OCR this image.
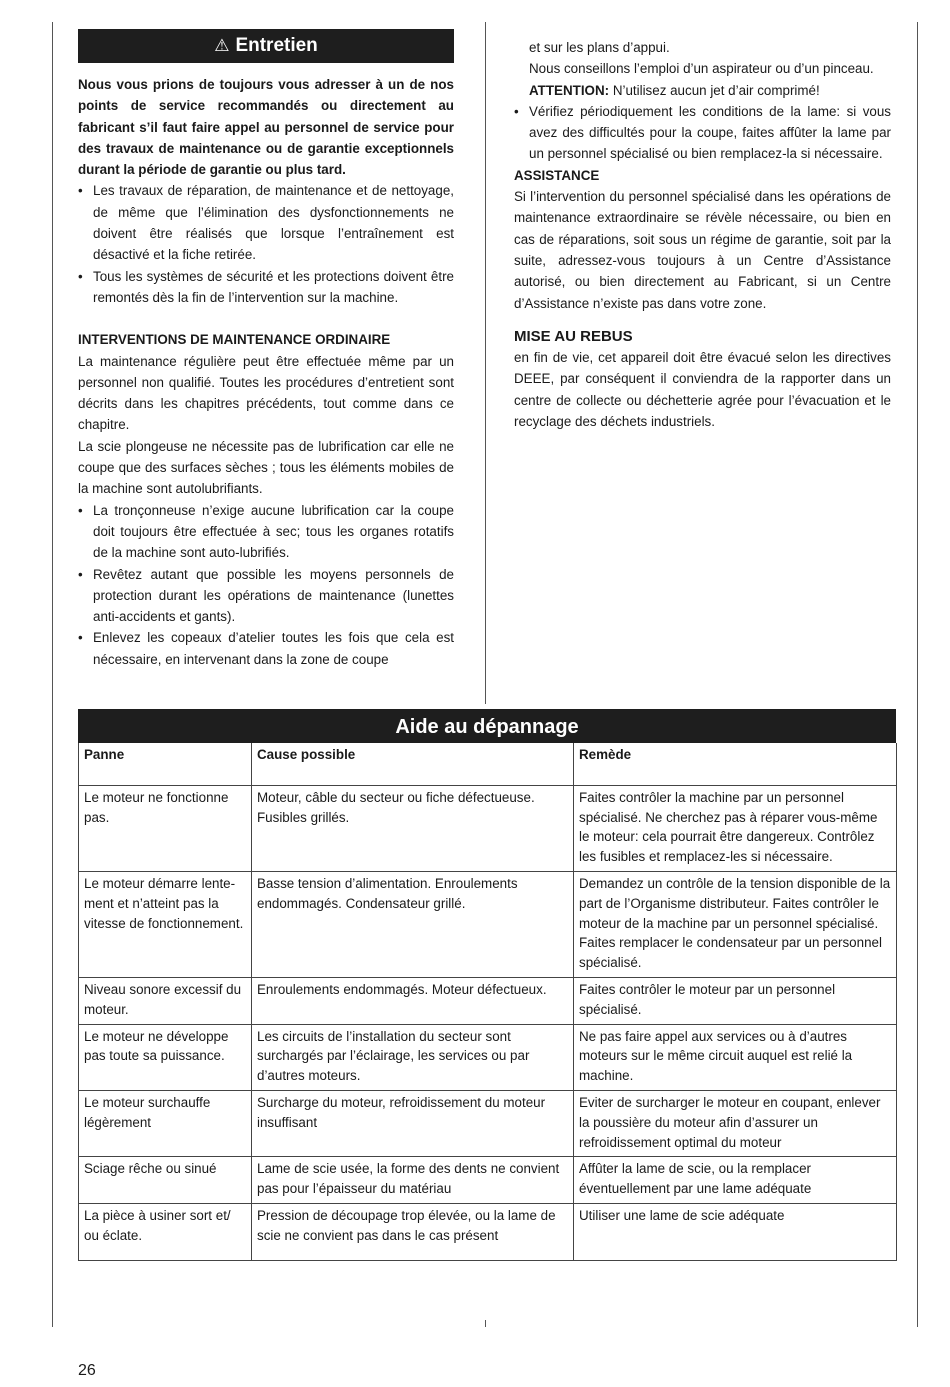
⚠ Entretien

Nous vous prions de toujours vous adresser à un de nos points de service recommandés ou directement au fabricant s’il faut faire appel au personnel de service pour des travaux de maintenance ou de garantie exceptionnels durant la période de garantie ou plus tard.

• Les travaux de réparation, de maintenance et de nettoyage, de même que l’élimination des dysfonctionnements ne doivent être réalisés que lorsque l’entraînement est désactivé et la fiche retirée.

• Tous les systèmes de sécurité et les protections doivent être remontés dès la fin de l’intervention sur la machine.

INTERVENTIONS DE MAINTENANCE ORDINAIRE

La maintenance régulière peut être effectuée même par un personnel non qualifié. Toutes les procédures d’entretient sont décrits dans les chapitres précédents, tout comme dans ce chapitre.

La scie plongeuse ne nécessite pas de lubrification car elle ne coupe que des surfaces sèches ; tous les éléments mobiles de la machine sont autolubrifiants.

• La tronçonneuse n’exige aucune lubrification car la coupe doit toujours être effectuée à sec; tous les organes rotatifs de la machine sont auto-lubrifiés.

• Revêtez autant que possible les moyens personnels de protection durant les opérations de maintenance (lunettes anti-accidents et gants).

• Enlevez les copeaux d’atelier toutes les fois que cela est nécessaire, en intervenant dans la zone de coupe

et sur les plans d’appui.

Nous conseillons l’emploi d’un aspirateur ou d’un pinceau.

ATTENTION: N’utilisez aucun jet d’air comprimé!

• Vérifiez périodiquement les conditions de la lame: si vous avez des difficultés pour la coupe, faites affûter la lame par un personnel spécialisé ou bien remplacez-la si nécessaire.

ASSISTANCE

Si l’intervention du personnel spécialisé dans les opérations de maintenance extraordinaire se révèle nécessaire, ou bien en cas de réparations, soit sous un régime de garantie, soit par la suite, adressez-vous toujours à un Centre d’Assistance autorisé, ou bien directement au Fabricant, si un Centre d’Assistance n’existe pas dans votre zone.

MISE AU REBUS

en fin de vie, cet appareil doit être évacué selon les directives DEEE, par conséquent il conviendra de la rapporter dans un centre de collecte ou déchetterie agrée pour l’évacuation et le recyclage des déchets industriels.

Aide au dépannage
Panne	Cause possible	Remède
Le moteur ne fonctionne pas.	Moteur, câble du secteur ou fiche défectueuse. Fusibles grillés.	Faites contrôler la machine par un personnel spécialisé. Ne cherchez pas à réparer vous-même le moteur: cela pourrait être dangereux. Contrôlez les fusibles et remplacez-les si nécessaire.
Le moteur démarre lente-ment et n’atteint pas la vitesse de fonctionnement.	Basse tension d’alimentation. Enroulements endommagés. Condensateur grillé.	Demandez un contrôle de la tension disponible de la part de l’Organisme distributeur. Faites contrôler le moteur de la machine par un personnel spécialisé. Faites remplacer le condensateur par un personnel spécialisé.
Niveau sonore excessif du moteur.	Enroulements endommagés. Moteur défectueux.	Faites contrôler le moteur par un personnel spécialisé.
Le moteur ne développe pas toute sa puissance.	Les circuits de l’installation du secteur sont surchargés par l’éclairage, les services ou par d’autres moteurs.	Ne pas faire appel aux services ou à d’autres moteurs sur le même circuit auquel est relié la machine.
Le moteur surchauffe légèrement	Surcharge du moteur, refroidissement du moteur insuffisant	Eviter de surcharger le moteur en coupant, enlever la poussière du moteur afin d’assurer un refroidissement optimal du moteur
Sciage rêche ou sinué	Lame de scie usée, la forme des dents ne convient pas pour l’épaisseur du matériau	Affûter la lame de scie, ou la remplacer éventuellement par une lame adéquate
La pièce à usiner sort et/ ou éclate.	Pression de découpage trop élevée, ou la lame de scie ne convient pas dans le cas présent	Utiliser une lame de scie adéquate
26
